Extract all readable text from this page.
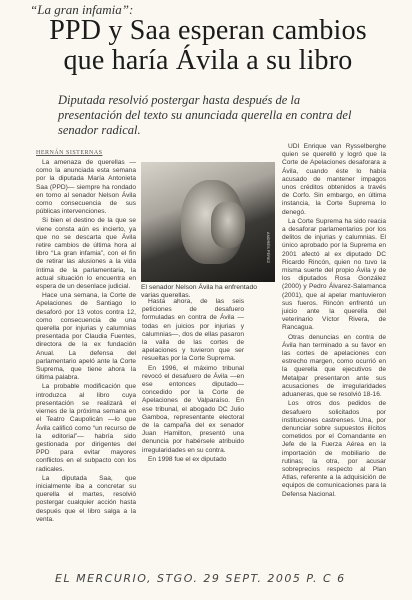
“La gran infamia”:
PPD y Saa esperan cambios que haría Ávila a su libro
Diputada resolvió postergar hasta después de la presentación del texto su anunciada querella en contra del senador radical.
HERNÁN SISTERNAS

La amenaza de querellas —como la anunciada esta semana por la diputada María Antonieta Saa (PPD)— siempre ha rondado en torno al senador Nelson Ávila como consecuencia de sus públicas intervenciones.

Si bien el destino de la que se viene consta aún es incierto, ya que no se descarta que Ávila retire cambios de última hora al libro “La gran infamia”, con el fin de retirar las alusiones a la vida íntima de la parlamentaria, la actual situación lo encuentra en espera de un desenlace judicial.

Hace una semana, la Corte de Apelaciones de Santiago lo desaforó por 13 votos contra 12, como consecuencia de una querella por injurias y calumnias presentada por Claudia Fuentes, directora de la ex fundación Anual. La defensa del parlamentario apeló ante la Corte Suprema, que tiene ahora la última palabra.

La probable modificación que introduzca al libro cuya presentación se realizará el viernes de la próxima semana en el Teatro Caupolicán —lo que Ávila calificó como “un recurso de la editorial”— habría sido gestionada por dirigentes del PPD para evitar mayores conflictos en el subpacto con los radicales.

La diputada Saa, que inicialmente iba a concretar su querella el martes, resolvió postergar cualquier acción hasta después que el libro salga a la venta.

ANDRÉS PÉREZ
El senador Nelson Ávila ha enfrentado varias querellas.

Hasta ahora, de las seis peticiones de desafuero formuladas en contra de Ávila —todas en juicios por injurias y calumnias—, dos de ellas pasaron la valla de las cortes de apelaciones y tuvieron que ser resueltas por la Corte Suprema.

En 1996, el máximo tribunal revocó el desafuero de Ávila —en ese entonces diputado— concedido por la Corte de Apelaciones de Valparaíso. En ese tribunal, el abogado DC Julio Gamboa, representante electoral de la campaña del ex senador Juan Hamilton, presentó una denuncia por habérsele atribuido irregularidades en su contra.

En 1998 fue el ex diputado

UDI Enrique van Rysselberghe quien se querelló y logró que la Corte de Apelaciones desaforara a Ávila, cuando éste lo había acusado de mantener impagos unos créditos obtenidos a través de Corfo. Sin embargo, en última instancia, la Corte Suprema lo denegó.

La Corte Suprema ha sido reacia a desaforar parlamentarios por los delitos de injurias y calumnias. El único aprobado por la Suprema en 2001 afectó al ex diputado DC Ricardo Rincón, quien no tuvo la misma suerte del propio Ávila y de los diputados Rosa González (2000) y Pedro Álvarez-Salamanca (2001), que al apelar mantuvieron sus fueros. Rincón enfrentó un juicio ante la querella del veterinario Víctor Rivera, de Rancagua.

Otras denuncias en contra de Ávila han terminado a su favor en las cortes de apelaciones con estrecho margen, como ocurrió en la querella que ejecutivos de Metalpar presentaron ante sus acusaciones de irregularidades aduaneras, que se resolvió 18-16.

Los otros dos pedidos de desafuero solicitados por instituciones castrenses. Una, por denunciar sobre supuestos ilícitos cometidos por el Comandante en Jefe de la Fuerza Aérea en la importación de mobiliario de rutinas; la otra, por acusar sobreprecios respecto al Plan Atlas, referente a la adquisición de equipos de comunicaciones para la Defensa Nacional.

EL MERCURIO, STGO. 29 SEPT. 2005 P. C 6
